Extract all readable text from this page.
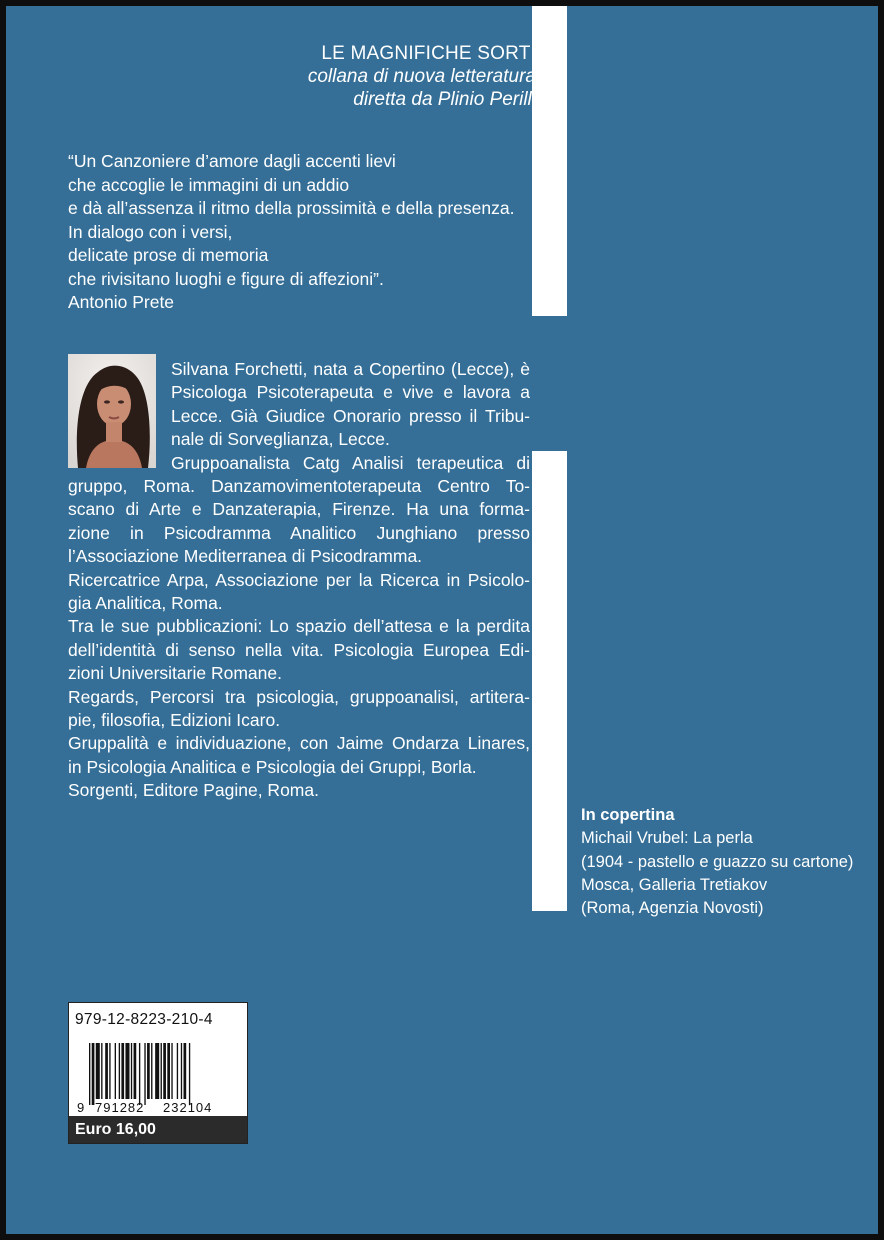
LE MAGNIFICHE SORTI
collana di nuova letteratura
diretta da Plinio Perilli
“Un Canzoniere d’amore dagli accenti lievi
che accoglie le immagini di un addio
e dà all’assenza il ritmo della prossimità e della presenza.
In dialogo con i versi,
delicate prose di memoria
che rivisitano luoghi e figure di affezioni”.
Antonio Prete
Silvana Forchetti, nata a Copertino (Lecce), è
Psicologa Psicoterapeuta e vive e lavora a
Lecce. Già Giudice Onorario presso il Tribu-
nale di Sorveglianza, Lecce.
Gruppoanalista Catg Analisi terapeutica di
gruppo, Roma. Danzamovimentoterapeuta Centro To-
scano di Arte e Danzaterapia, Firenze. Ha una forma-
zione in Psicodramma Analitico Junghiano presso
l’Associazione Mediterranea di Psicodramma.
Ricercatrice Arpa, Associazione per la Ricerca in Psicolo-
gia Analitica, Roma.
Tra le sue pubblicazioni: Lo spazio dell’attesa e la perdita
dell’identità di senso nella vita. Psicologia Europea Edi-
zioni Universitarie Romane.
Regards, Percorsi tra psicologia, gruppoanalisi, artitera-
pie, filosofia, Edizioni Icaro.
Gruppalità e individuazione, con Jaime Ondarza Linares,
in Psicologia Analitica e Psicologia dei Gruppi, Borla.
Sorgenti, Editore Pagine, Roma.
In copertina
Michail Vrubel: La perla
(1904 - pastello e guazzo su cartone)
Mosca, Galleria Tretiakov
(Roma, Agenzia Novosti)
979-12-8223-210-4
9 791282 232104
Euro 16,00
